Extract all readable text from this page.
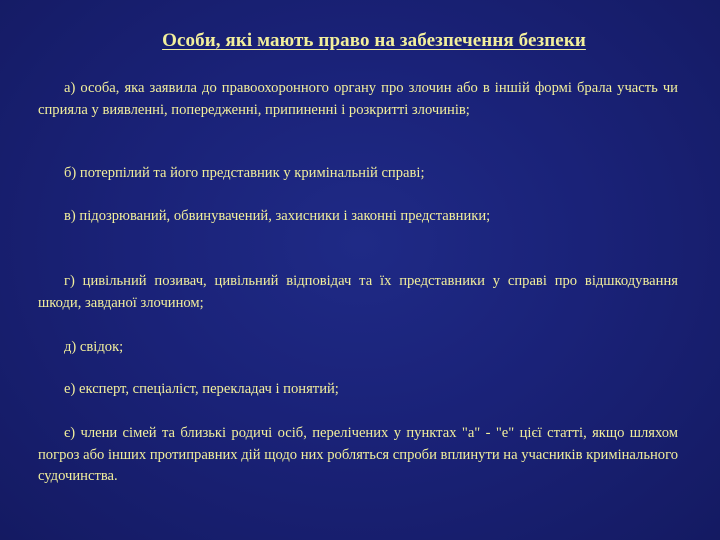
Особи, які мають право на забезпечення безпеки
а) особа, яка заявила до правоохоронного органу про злочин або в іншій формі брала участь чи сприяла у виявленні, попередженні, припиненні і розкритті злочинів;
б) потерпілий та його представник у кримінальній справі;
в) підозрюваний, обвинувачений, захисники і законні представники;
г) цивільний позивач, цивільний відповідач та їх представники у справі про відшкодування шкоди, завданої злочином;
д) свідок;
е) експерт, спеціаліст, перекладач і понятий;
є) члени сімей та близькі родичі осіб, перелічених у пунктах "а" - "е" цієї статті, якщо шляхом погроз або інших протиправних дій щодо них робляться спроби вплинути на учасників кримінального судочинства.
